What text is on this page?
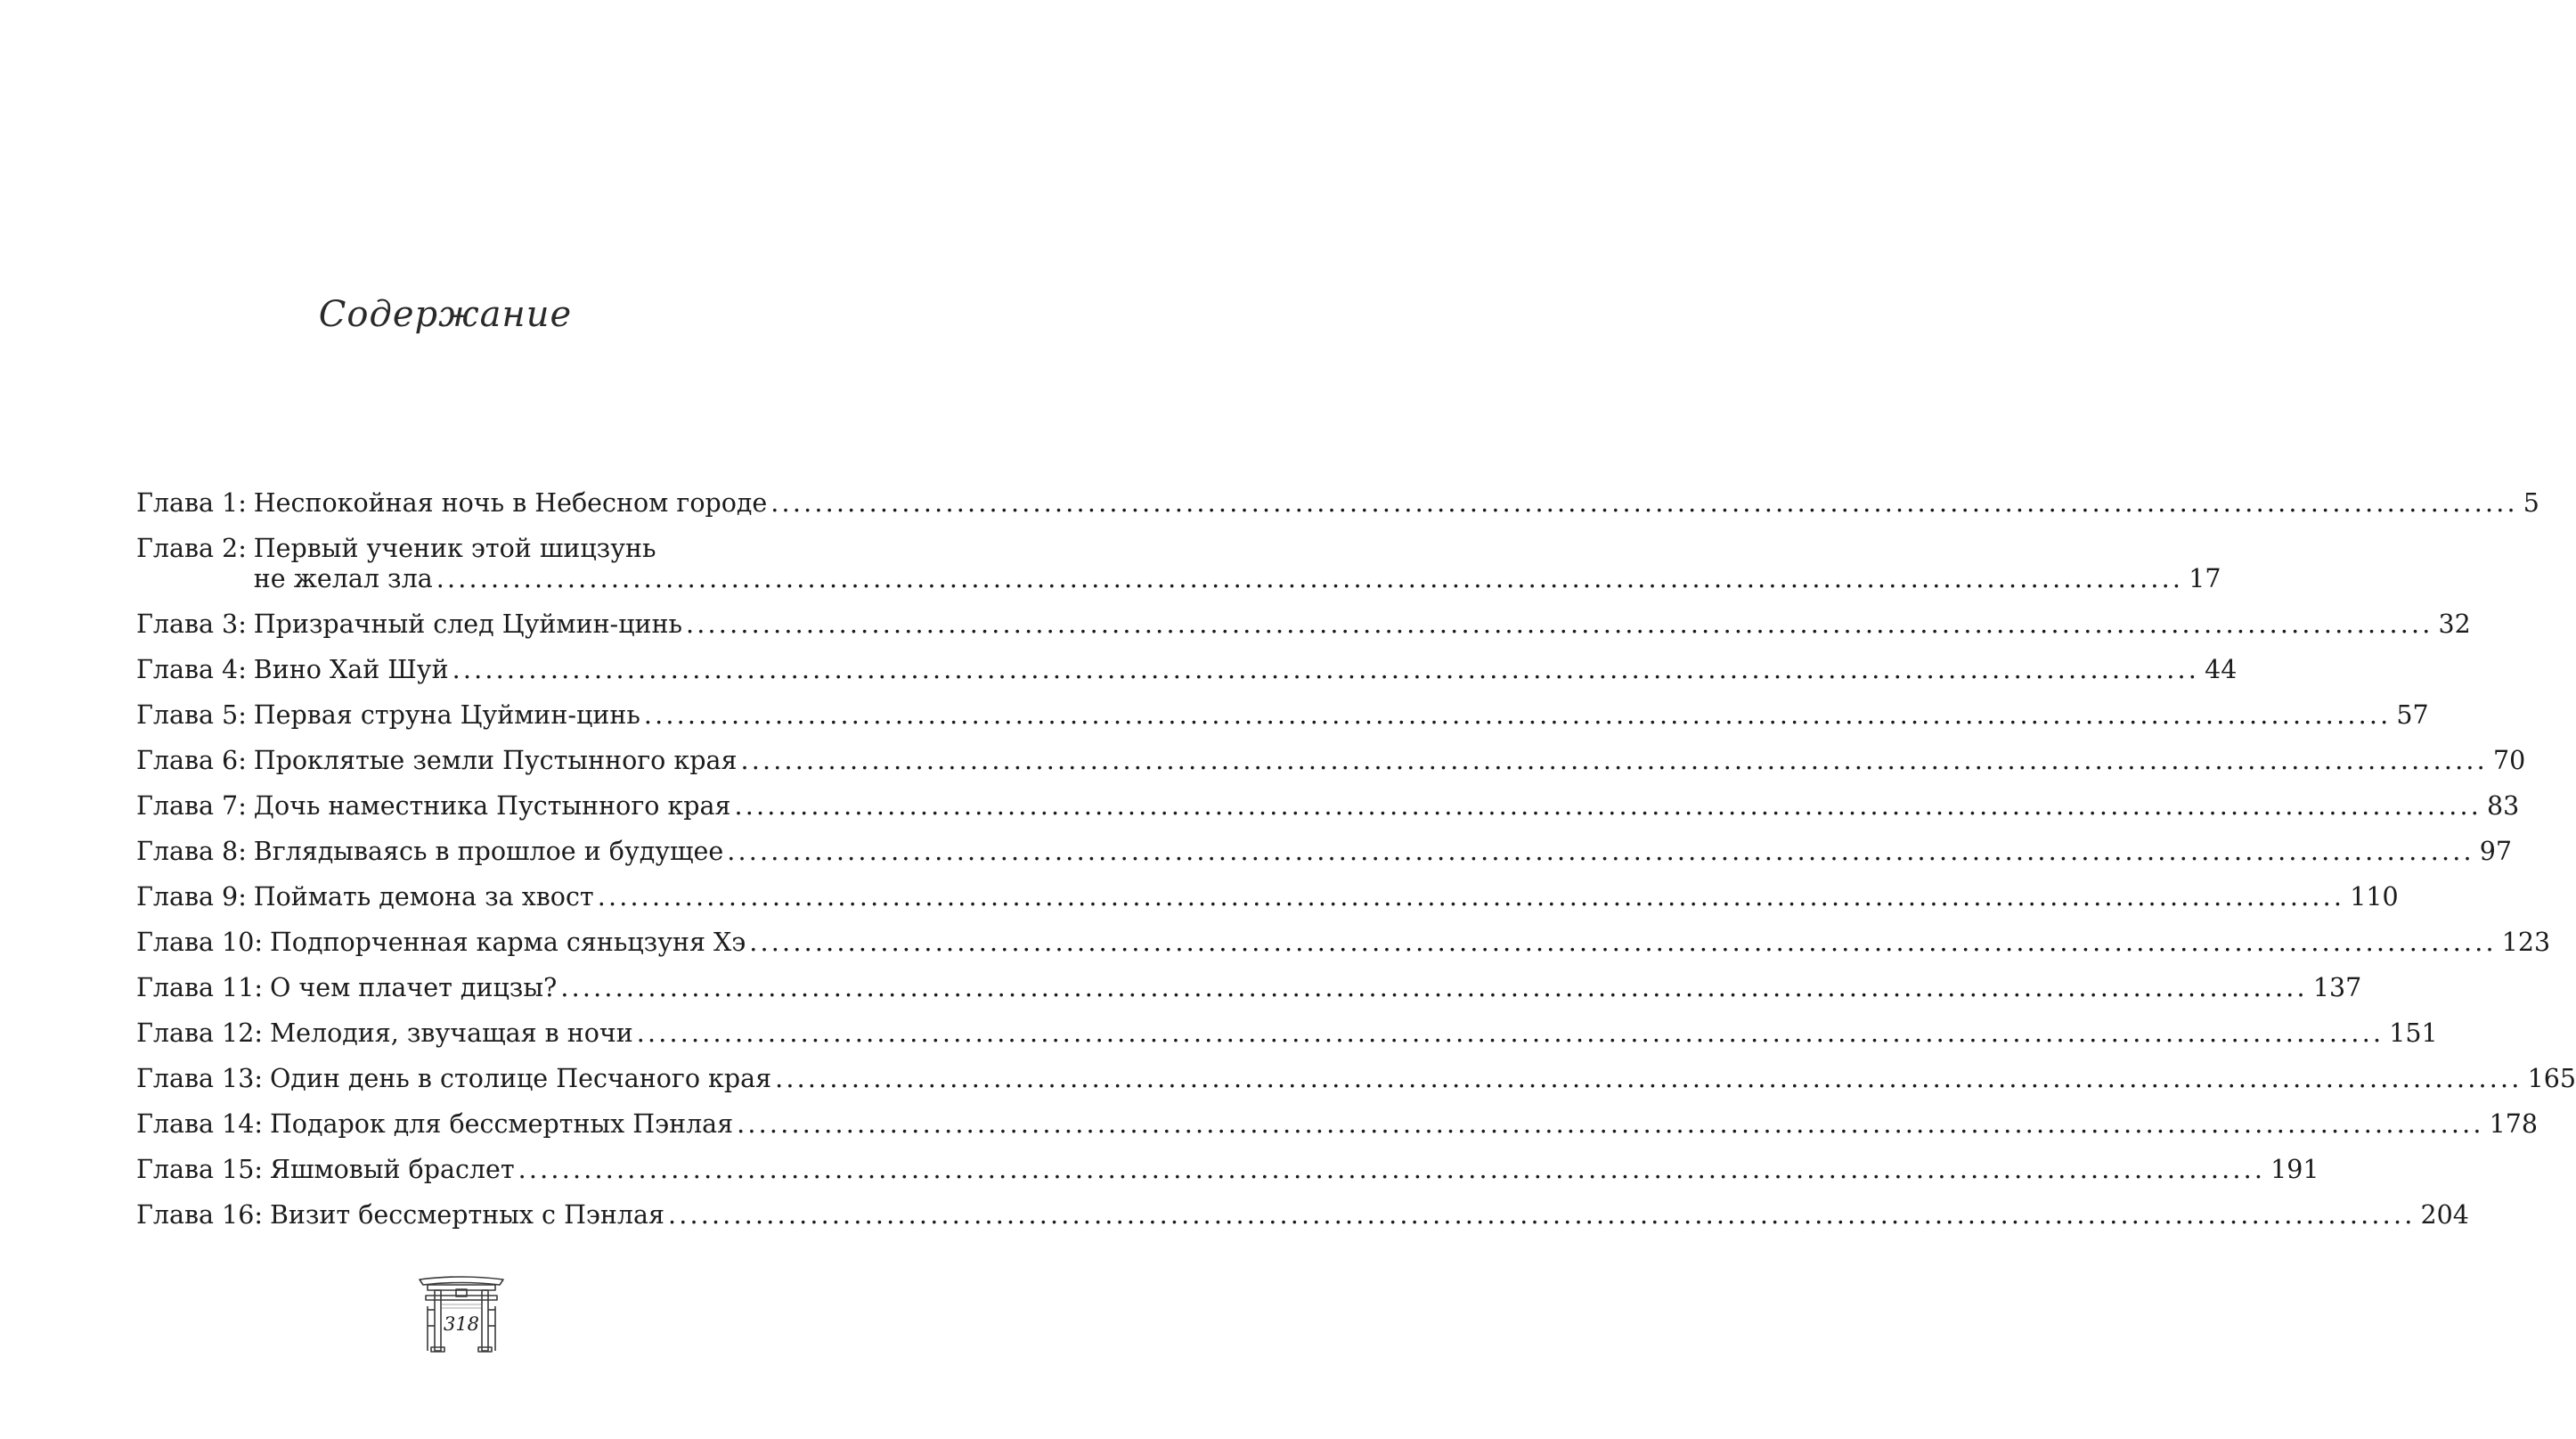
Содержание
Глава 1: Неспокойная ночь в Небесном городе ................................................................................................................................................................ 5
Глава 2: Первый ученик этой шицзунь
не желал зла ................................................................................................................................................................ 17
Глава 3: Призрачный след Цуймин-цинь ................................................................................................................................................................ 32
Глава 4: Вино Хай Шуй ................................................................................................................................................................ 44
Глава 5: Первая струна Цуймин-цинь ................................................................................................................................................................ 57
Глава 6: Проклятые земли Пустынного края ................................................................................................................................................................ 70
Глава 7: Дочь наместника Пустынного края ................................................................................................................................................................ 83
Глава 8: Вглядываясь в прошлое и будущее ................................................................................................................................................................ 97
Глава 9: Поймать демона за хвост ................................................................................................................................................................ 110
Глава 10: Подпорченная карма сяньцзуня Хэ ................................................................................................................................................................ 123
Глава 11: О чем плачет дицзы? ................................................................................................................................................................ 137
Глава 12: Мелодия, звучащая в ночи ................................................................................................................................................................ 151
Глава 13: Один день в столице Песчаного края ................................................................................................................................................................ 165
Глава 14: Подарок для бессмертных Пэнлая ................................................................................................................................................................ 178
Глава 15: Яшмовый браслет ................................................................................................................................................................ 191
Глава 16: Визит бессмертных с Пэнлая ................................................................................................................................................................ 204
318
